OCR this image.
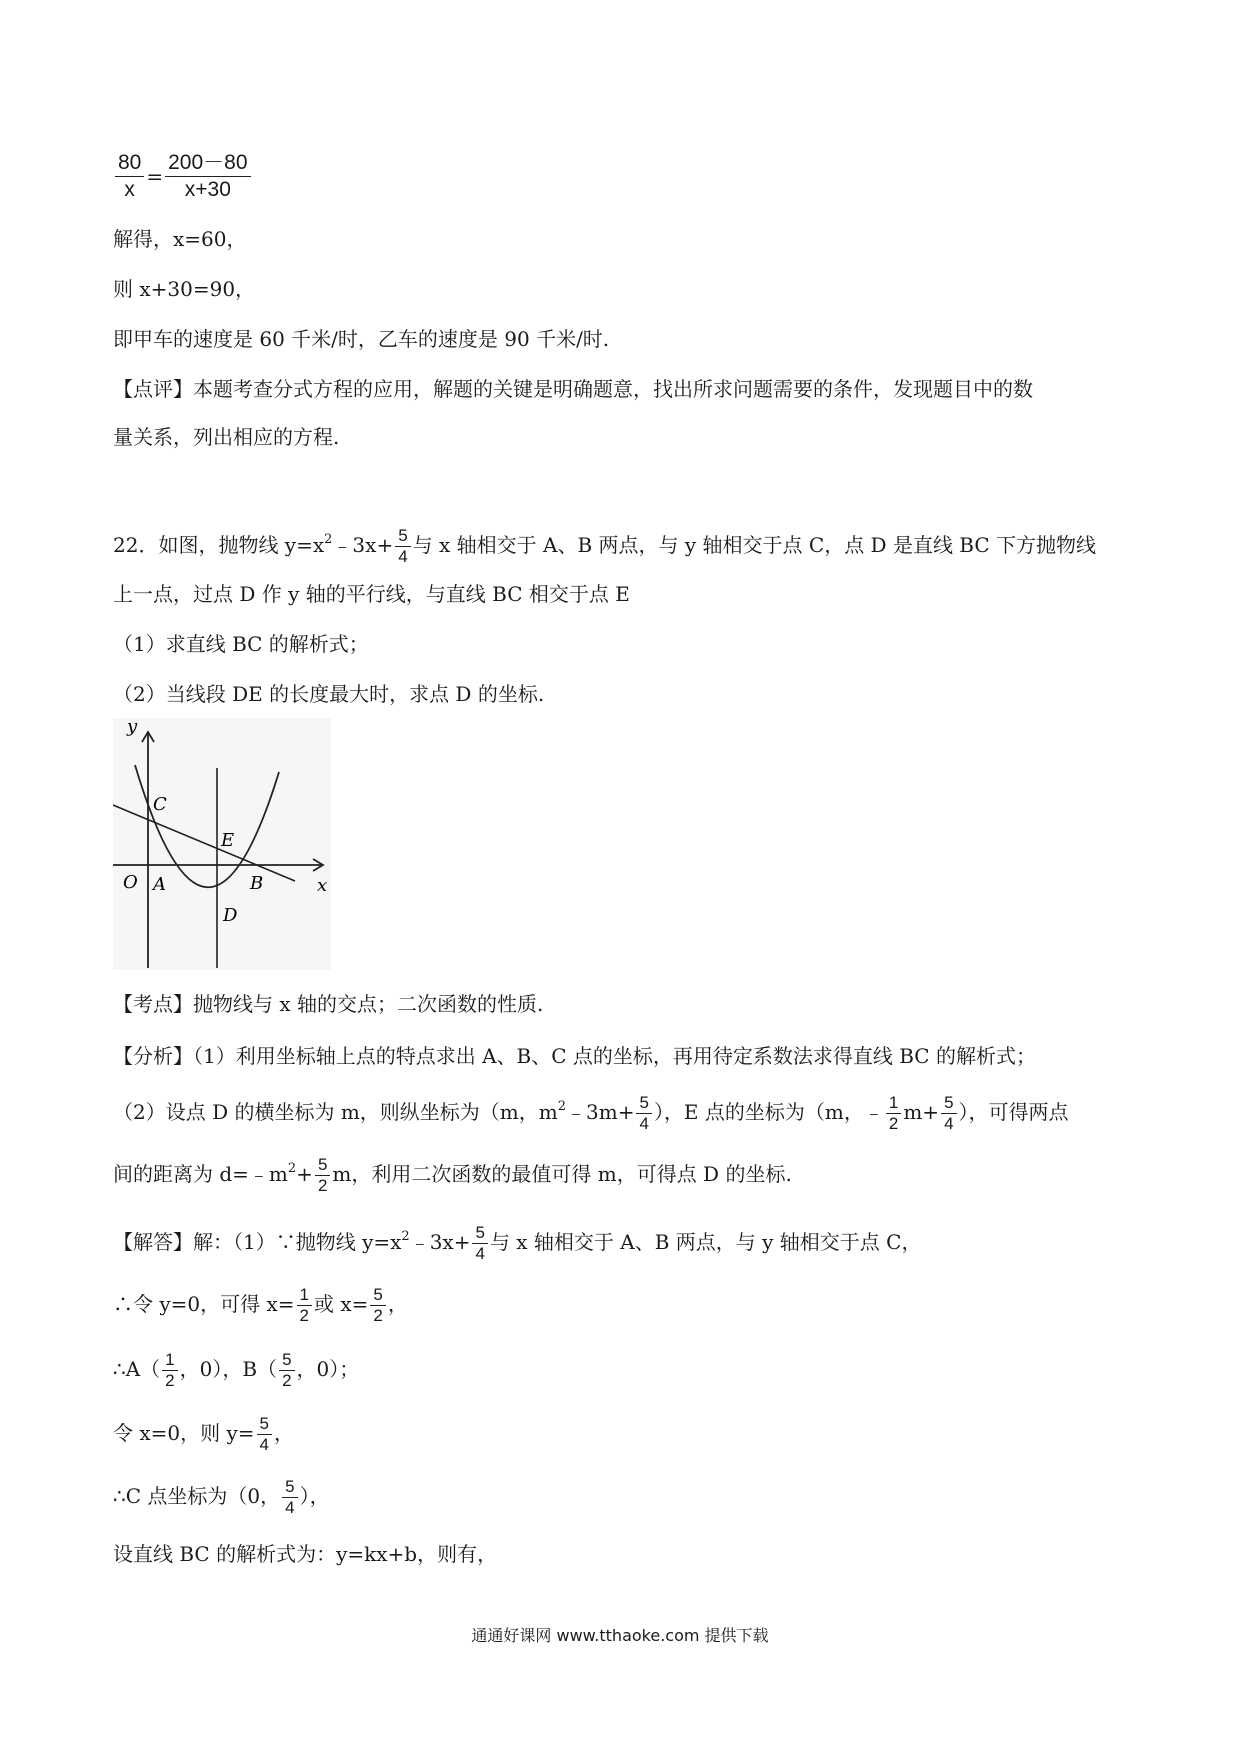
$\frac{80}{x} = \frac{200-80}{x+30}$
解得，x=60，
则 x+30=90，
即甲车的速度是 60 千米/时，乙车的速度是 90 千米/时.
【点评】本题考查分式方程的应用，解题的关键是明确题意，找出所求问题需要的条件，发现题目中的数
量关系，列出相应的方程.
22．如图，抛物线 $y=x^2﹣3x+ \frac{5}{4}$ 与 x 轴相交于 A、B 两点，与 y 轴相交于点 C，点 D 是直线 BC 下方抛物线
上一点，过点 D 作 y 轴的平行线，与直线 BC 相交于点 E
（1）求直线 BC 的解析式；
（2）当线段 DE 的长度最大时，求点 D 的坐标.
y
x
O A	B
C
D
E
【考点】抛物线与 x 轴的交点；二次函数的性质.
【分析】（1）利用坐标轴上点的特点求出 A、B、C 点的坐标，再用待定系数法求得直线 BC 的解析式；
（2）设点 D 的横坐标为 m，则纵坐标为（m，$m^2﹣3m+ \frac{5}{4}$ ），E 点的坐标为（m，﹣ $\frac{1}{2} m+ \frac{5}{4}$ ），可得两点
间的距离为 $d=﹣m^2+ \frac{5}{2}$ m，利用二次函数的最值可得 m，可得点 D 的坐标.
【解答】解：（1）∵抛物线 $y=x^2﹣3x+ \frac{5}{4}$ 与 x 轴相交于 A、B 两点，与 y 轴相交于点 C，
∴令 y=0，可得 $x= \frac{1}{2}$ 或 $x= \frac{5}{2}$ ，
∴A（ $\frac{1}{2}$ ，0），$B( \frac{5}{2}$ ，0）；
令 x=0，则 $y= \frac{5}{4}$ ，
∴C 点坐标为（0， $\frac{5}{4}$ ），
设直线 BC 的解析式为：y=kx+b，则有，
通通好课网 www.tthaoke.com 提供下载
